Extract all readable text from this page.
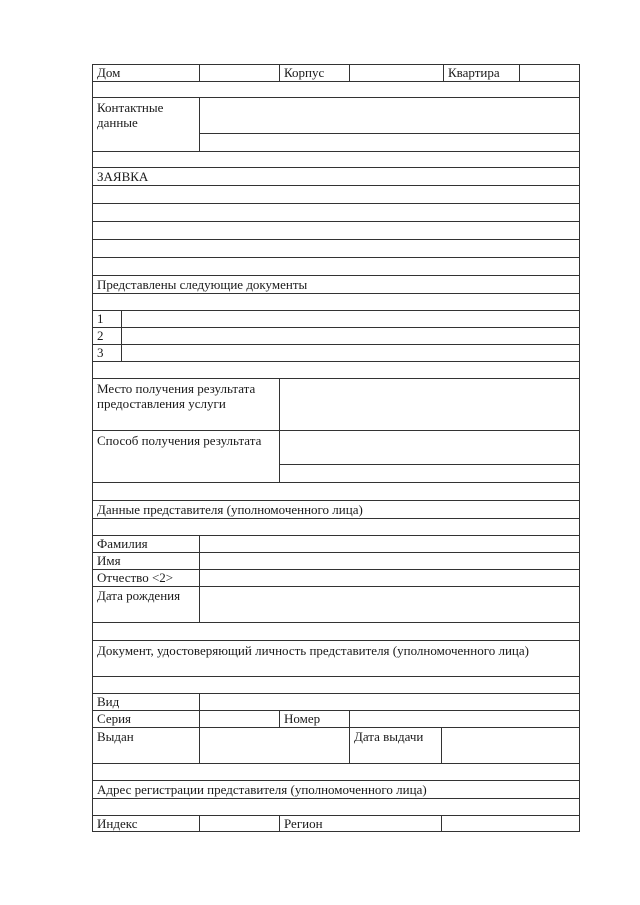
Дом	Корпус	Квартира
Контактные данные
ЗАЯВКА
Представлены следующие документы
1
2
3
Место получения результата предоставления услуги
Способ получения результата
Данные представителя (уполномоченного лица)
Фамилия
Имя
Отчество <2>
Дата рождения
Документ, удостоверяющий личность представителя (уполномоченного лица)
Вид
Серия	Номер
Выдан	Дата выдачи
Адрес регистрации представителя (уполномоченного лица)
Индекс	Регион
